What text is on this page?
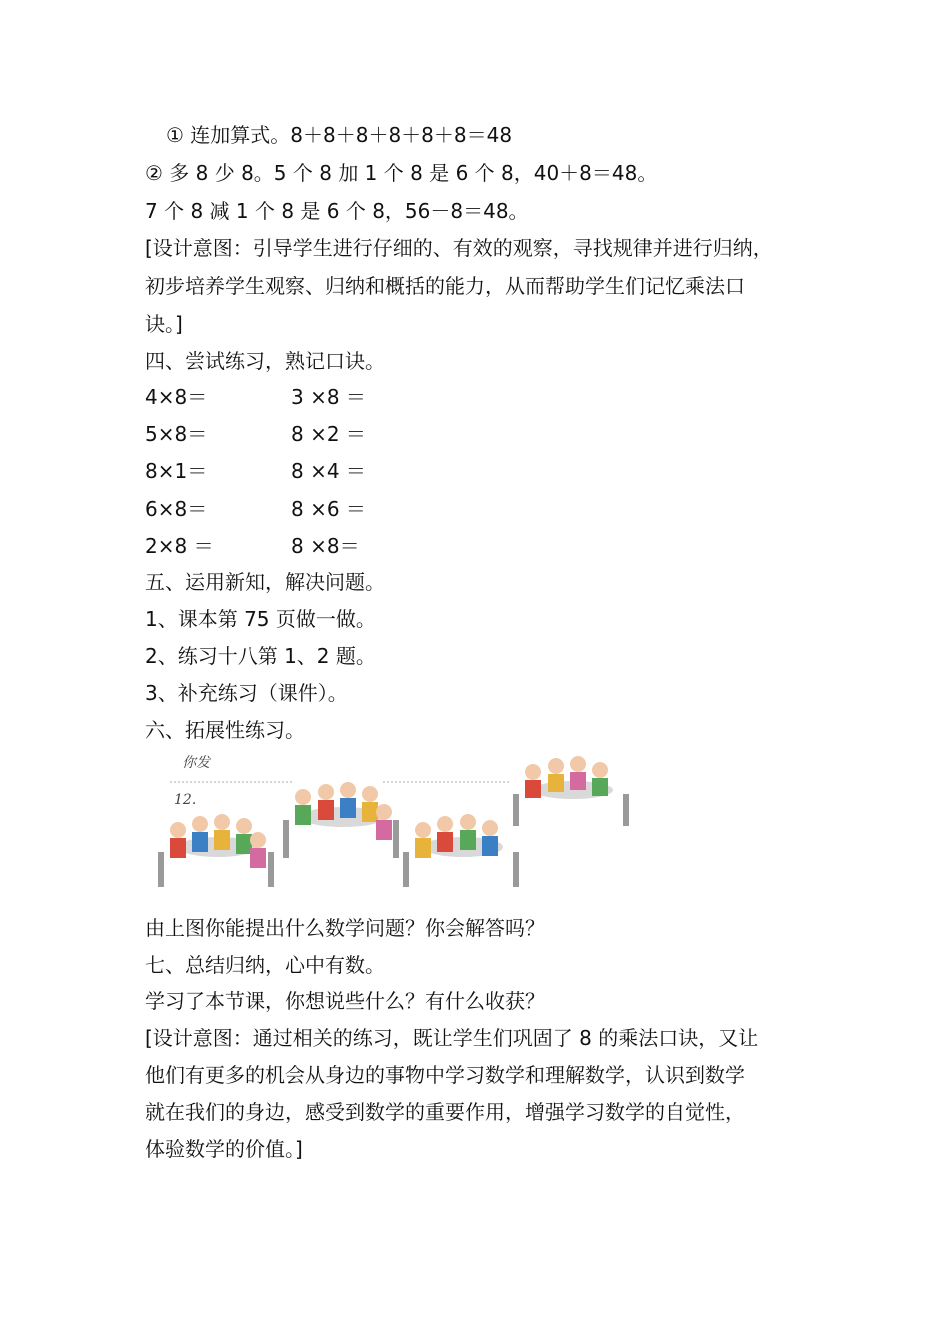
① 连加算式。8＋8＋8＋8＋8＋8＝48
② 多 8 少 8。5 个 8 加 1 个 8 是 6 个 8，40＋8＝48。
7 个 8 减 1 个 8 是 6 个 8，56－8＝48。
[设计意图：引导学生进行仔细的、有效的观察，寻找规律并进行归纳，
初步培养学生观察、归纳和概括的能力，从而帮助学生们记忆乘法口
诀。]
四、尝试练习，熟记口诀。
4×8＝	3 ×8 ＝
5×8＝	8 ×2 ＝
8×1＝	8 ×4 ＝
6×8＝	8 ×6 ＝
2×8 ＝	8 ×8＝
五、运用新知，解决问题。
1、课本第 75 页做一做。
2、练习十八第 1、2 题。
3、补充练习（课件）。
六、拓展性练习。
你发
12.
由上图你能提出什么数学问题？你会解答吗？
七、总结归纳，心中有数。
学习了本节课，你想说些什么？有什么收获？
[设计意图：通过相关的练习，既让学生们巩固了 8 的乘法口诀，又让
他们有更多的机会从身边的事物中学习数学和理解数学，认识到数学
就在我们的身边，感受到数学的重要作用，增强学习数学的自觉性，
体验数学的价值。]
